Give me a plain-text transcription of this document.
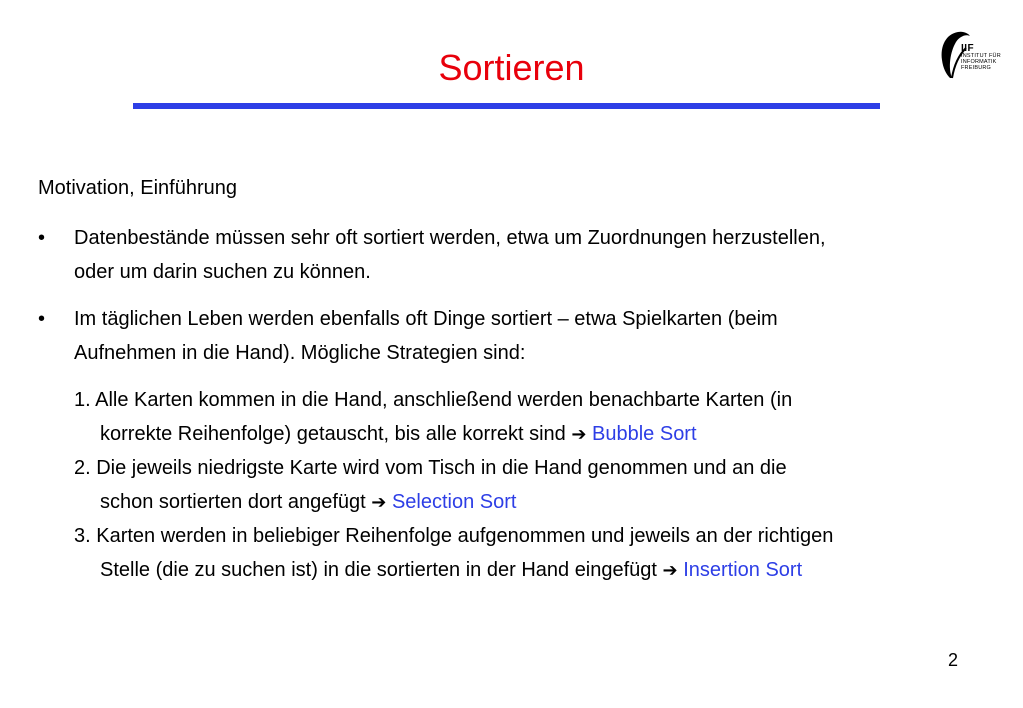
Sortieren	IIF
INSTITUT FÜR
INFORMATIK
FREIBURG
Motivation, Einführung
•	Datenbestände müssen sehr oft sortiert werden, etwa um Zuordnungen herzustellen,
oder um darin suchen zu können.
•	Im täglichen Leben werden ebenfalls oft Dinge sortiert – etwa Spielkarten (beim
Aufnehmen in die Hand). Mögliche Strategien sind:
1. Alle Karten kommen in die Hand, anschließend werden benachbarte Karten (in
korrekte Reihenfolge) getauscht, bis alle korrekt sind ➔ Bubble Sort
2. Die jeweils niedrigste Karte wird vom Tisch in die Hand genommen und an die
schon sortierten dort angefügt ➔ Selection Sort
3. Karten werden in beliebiger Reihenfolge aufgenommen und jeweils an der richtigen
Stelle (die zu suchen ist) in die sortierten in der Hand eingefügt ➔ Insertion Sort
2
